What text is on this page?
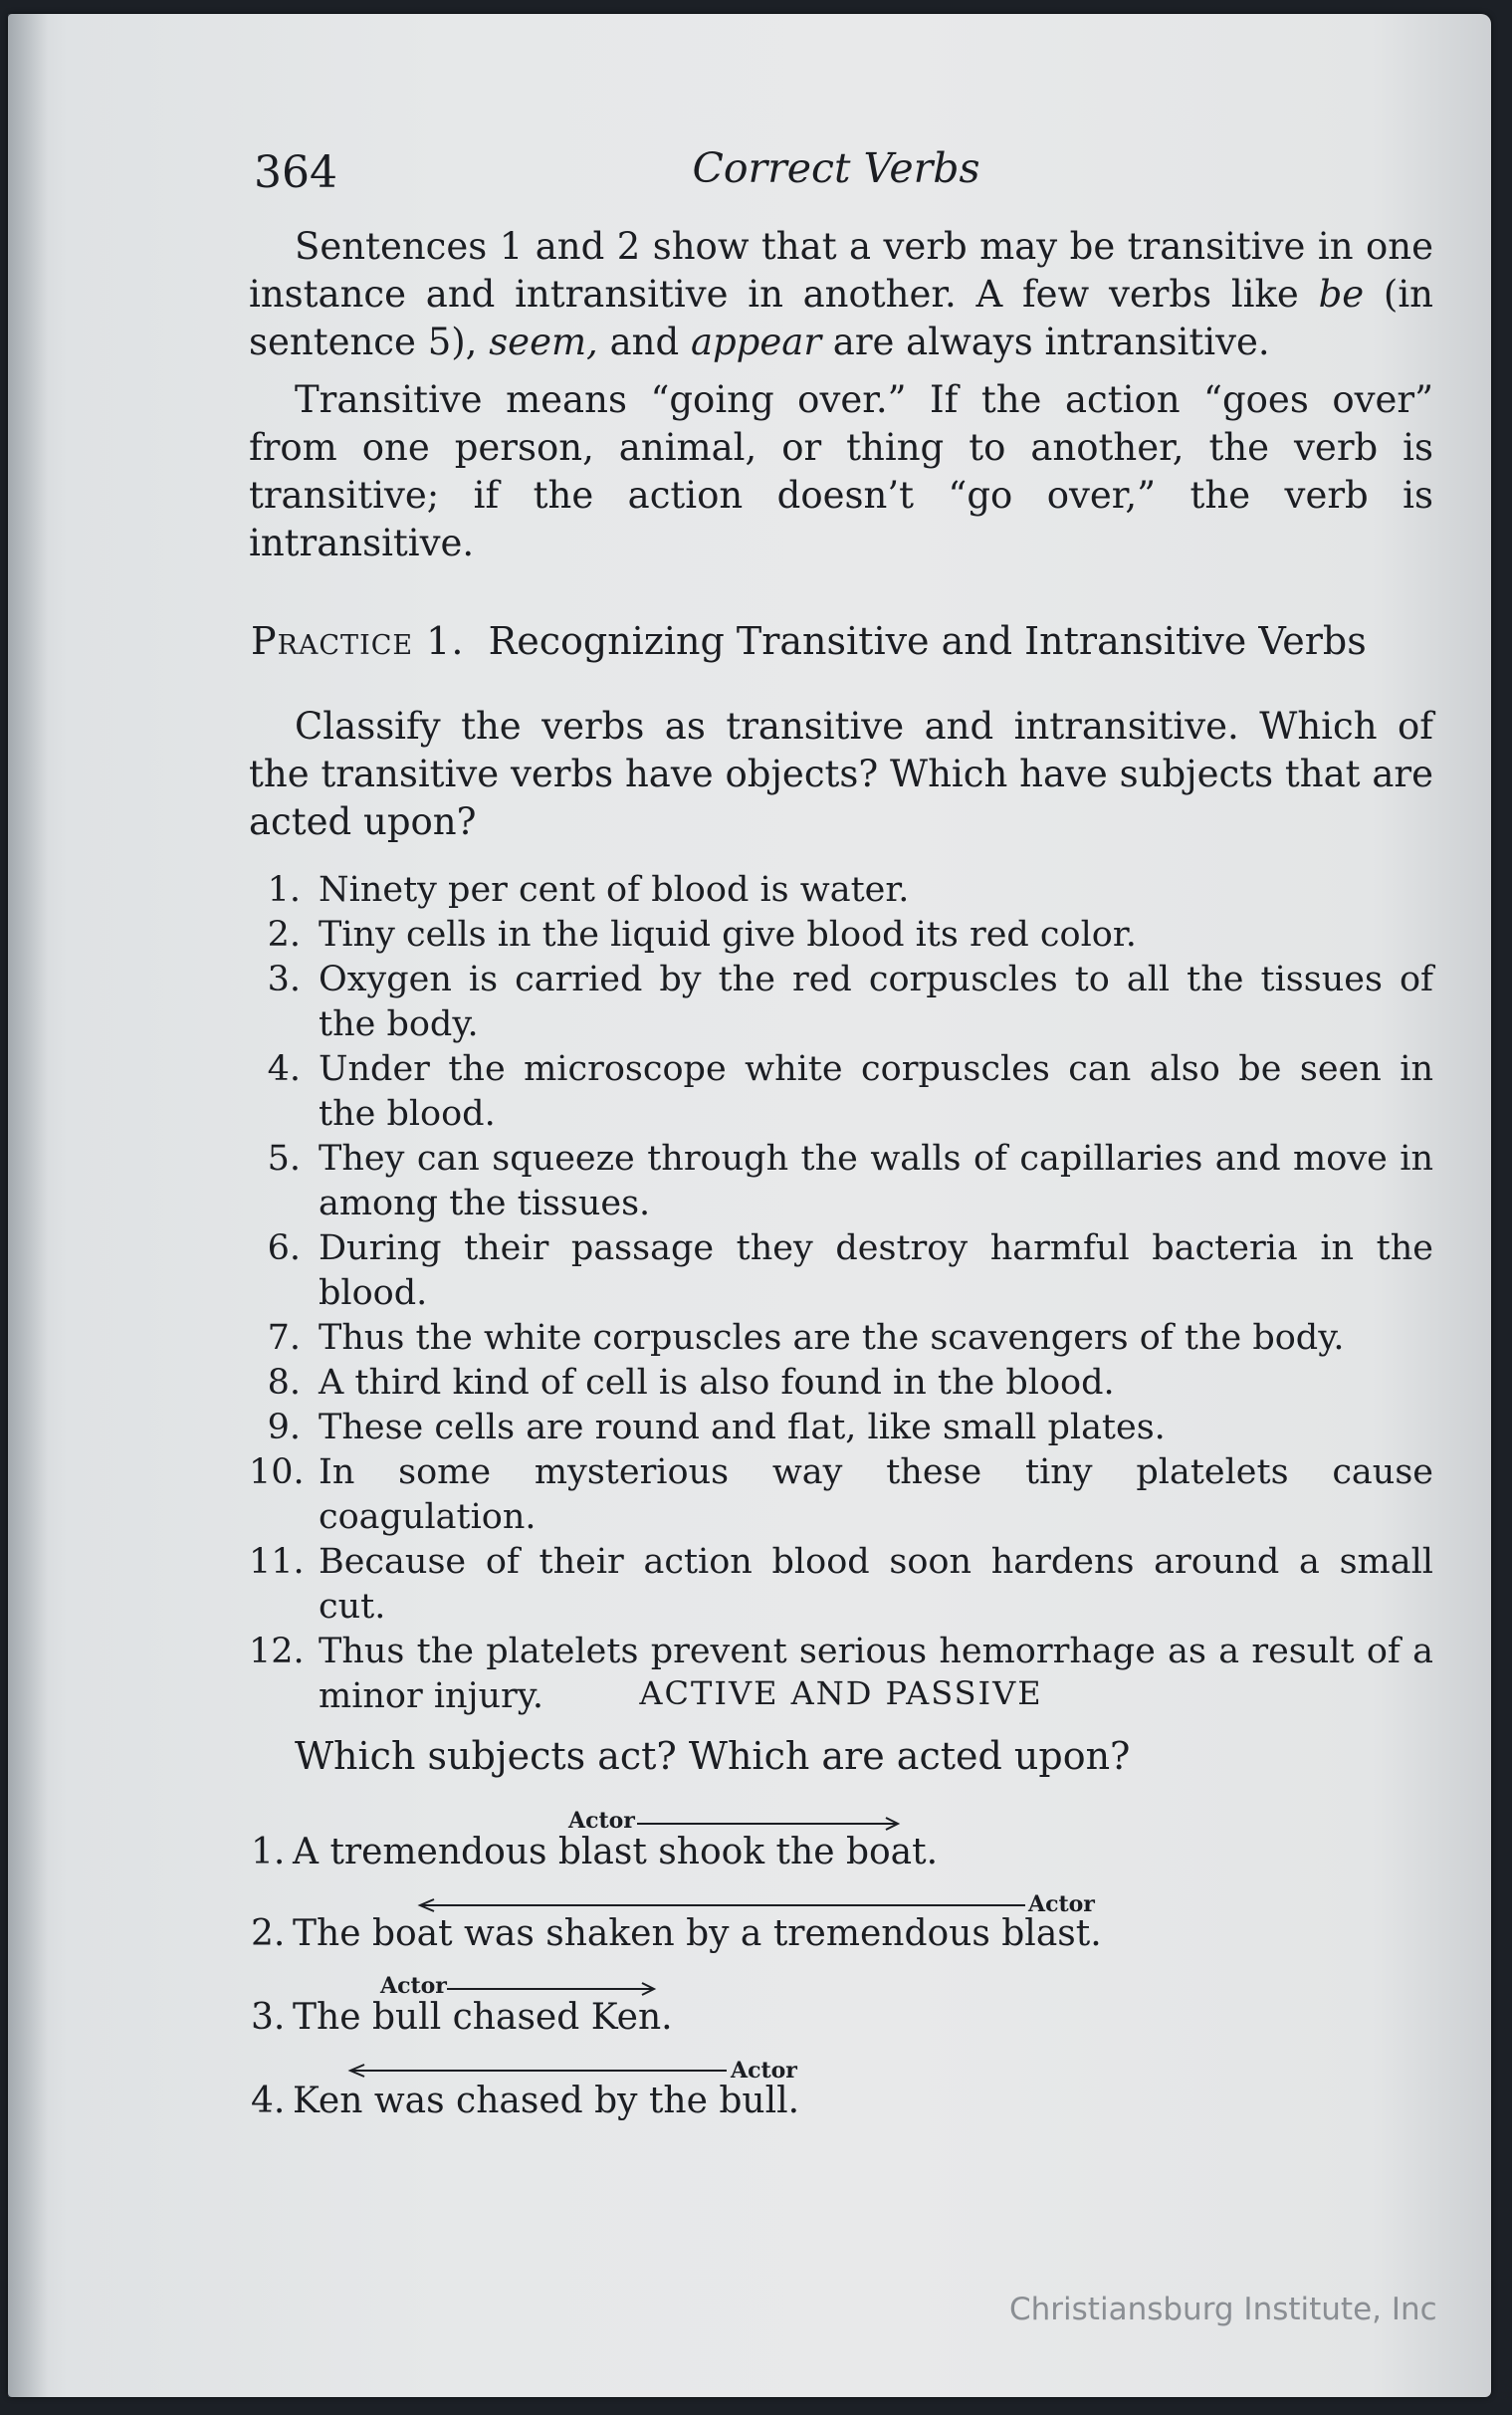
364	Correct Verbs

Sentences 1 and 2 show that a verb may be transitive in one instance and intransitive in another. A few verbs like be (in sentence 5), seem, and appear are always intransitive.

Transitive means “going over.” If the action “goes over” from one person, animal, or thing to another, the verb is transitive; if the action doesn’t “go over,” the verb is intransitive.

Practice 1. Recognizing Transitive and Intransitive Verbs

Classify the verbs as transitive and intransitive. Which of the transitive verbs have objects? Which have subjects that are acted upon?

1. Ninety per cent of blood is water.
2. Tiny cells in the liquid give blood its red color.
3. Oxygen is carried by the red corpuscles to all the tissues of the body.
4. Under the microscope white corpuscles can also be seen in the blood.
5. They can squeeze through the walls of capillaries and move in among the tissues.
6. During their passage they destroy harmful bacteria in the blood.
7. Thus the white corpuscles are the scavengers of the body.
8. A third kind of cell is also found in the blood.
9. These cells are round and flat, like small plates.
10. In some mysterious way these tiny platelets cause coagulation.
11. Because of their action blood soon hardens around a small cut.
12. Thus the platelets prevent serious hemorrhage as a result of a minor injury.	ACTIVE AND PASSIVE
Which subjects act? Which are acted upon?
Actor
1. A tremendous blast shook the boat.
Actor
2. The boat was shaken by a tremendous blast.
Actor
3. The bull chased Ken.
Actor
4. Ken was chased by the bull.
Christiansburg Institute, Inc
